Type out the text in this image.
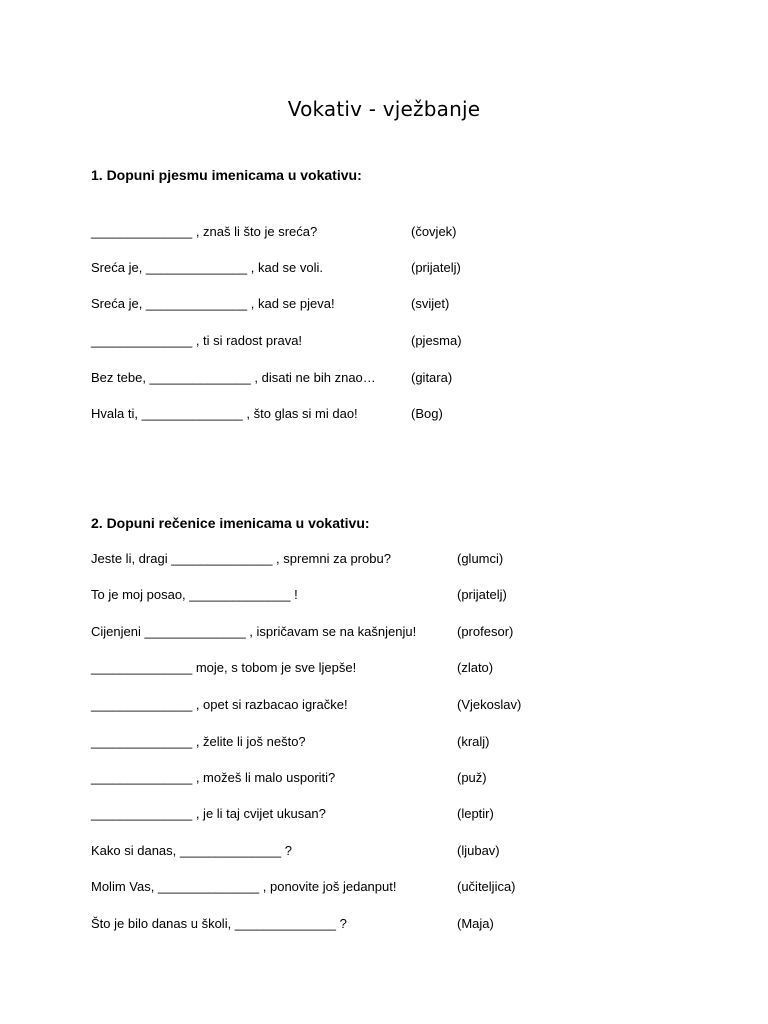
Vokativ - vježbanje
1. Dopuni pjesmu imenicama u vokativu:
______________ , znaš li što je sreća?	(čovjek)
Sreća je, ______________ , kad se voli.	(prijatelj)
Sreća je, ______________ , kad se pjeva!	(svijet)
______________ , ti si radost prava!	(pjesma)
Bez tebe, ______________ , disati ne bih znao…	(gitara)
Hvala ti, ______________ , što glas si mi dao!	(Bog)
2. Dopuni rečenice imenicama u vokativu:
Jeste li, dragi ______________ , spremni za probu?	(glumci)
To je moj posao, ______________ !	(prijatelj)
Cijenjeni ______________ , ispričavam se na kašnjenju!	(profesor)
______________ moje, s tobom je sve ljepše!	(zlato)
______________ , opet si razbacao igračke!	(Vjekoslav)
______________ , želite li još nešto?	(kralj)
______________ , možeš li malo usporiti?	(puž)
______________ , je li taj cvijet ukusan?	(leptir)
Kako si danas, ______________ ?	(ljubav)
Molim Vas, ______________ , ponovite još jedanput!	(učiteljica)
Što je bilo danas u školi, ______________ ?	(Maja)
